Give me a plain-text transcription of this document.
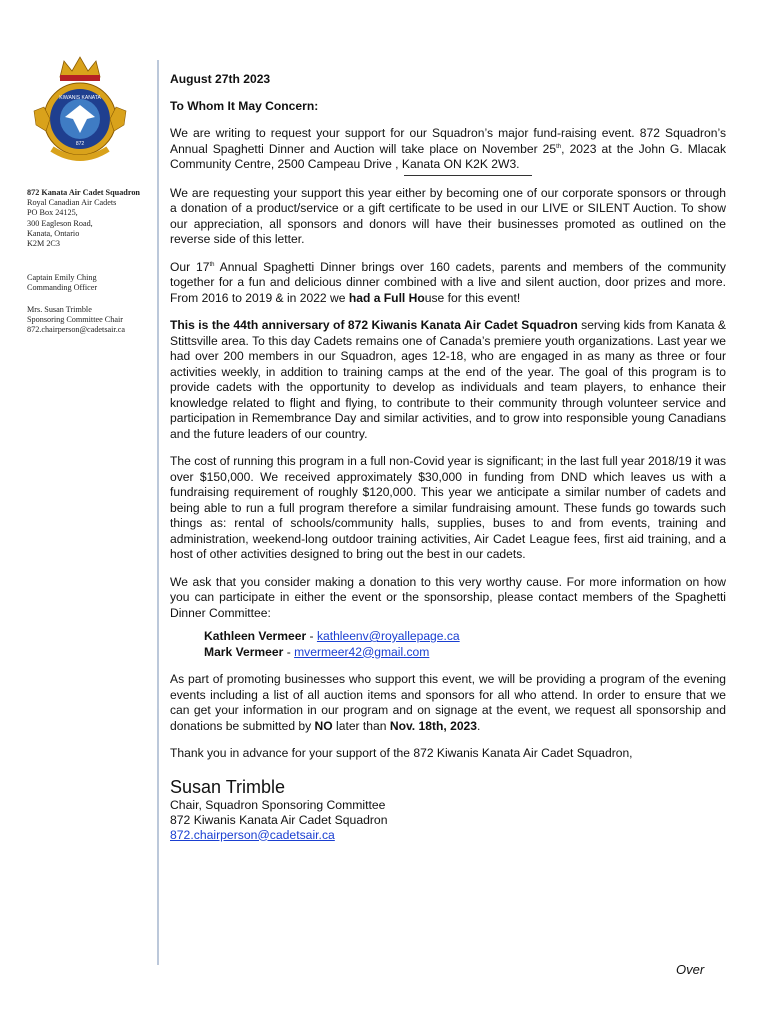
KIWANIS KANATA
872
872 Kanata Air Cadet Squadron
Royal Canadian Air Cadets
PO Box 24125,
300 Eagleson Road,
Kanata, Ontario
K2M 2C3
Captain Emily Ching
Commanding Officer
Mrs. Susan Trimble
Sponsoring Committee Chair
872.chairperson@cadetsair.ca

August 27th 2023

To Whom It May Concern:

We are writing to request your support for our Squadron’s major fund-raising event. 872 Squadron’s Annual Spaghetti Dinner and Auction will take place on November 25th, 2023 at the John G. Mlacak Community Centre, 2500 Campeau Drive , Kanata ON K2K 2W3.

We are requesting your support this year either by becoming one of our corporate sponsors or through a donation of a product/service or a gift certificate to be used in our LIVE or SILENT Auction. To show our appreciation, all sponsors and donors will have their businesses promoted as outlined on the reverse side of this letter.

Our 17th Annual Spaghetti Dinner brings over 160 cadets, parents and members of the community together for a fun and delicious dinner combined with a live and silent auction, door prizes and more. From 2016 to 2019 & in 2022 we had a Full House for this event!

This is the 44th anniversary of 872 Kiwanis Kanata Air Cadet Squadron serving kids from Kanata & Stittsville area. To this day Cadets remains one of Canada’s premiere youth organizations. Last year we had over 200 members in our Squadron, ages 12-18, who are engaged in as many as three or four activities weekly, in addition to training camps at the end of the year. The goal of this program is to provide cadets with the opportunity to develop as individuals and team players, to enhance their knowledge related to flight and flying, to contribute to their community through volunteer service and participation in Remembrance Day and similar activities, and to grow into responsible young Canadians and the future leaders of our country.

The cost of running this program in a full non-Covid year is significant; in the last full year 2018/19 it was over $150,000. We received approximately $30,000 in funding from DND which leaves us with a fundraising requirement of roughly $120,000. This year we anticipate a similar number of cadets and being able to run a full program therefore a similar fundraising amount. These funds go towards such things as: rental of schools/community halls, supplies, buses to and from events, training and administration, weekend-long outdoor training activities, Air Cadet League fees, first aid training, and a host of other activities designed to bring out the best in our cadets.

We ask that you consider making a donation to this very worthy cause. For more information on how you can participate in either the event or the sponsorship, please contact members of the Spaghetti Dinner Committee:

Kathleen Vermeer - kathleenv@royallepage.ca
Mark Vermeer - mvermeer42@gmail.com

As part of promoting businesses who support this event, we will be providing a program of the evening events including a list of all auction items and sponsors for all who attend. In order to ensure that we can get your information in our program and on signage at the event, we request all sponsorship and donations be submitted by NO later than Nov. 18th, 2023.

Thank you in advance for your support of the 872 Kiwanis Kanata Air Cadet Squadron,

Susan Trimble
Chair, Squadron Sponsoring Committee
872 Kiwanis Kanata Air Cadet Squadron
872.chairperson@cadetsair.ca
Over
